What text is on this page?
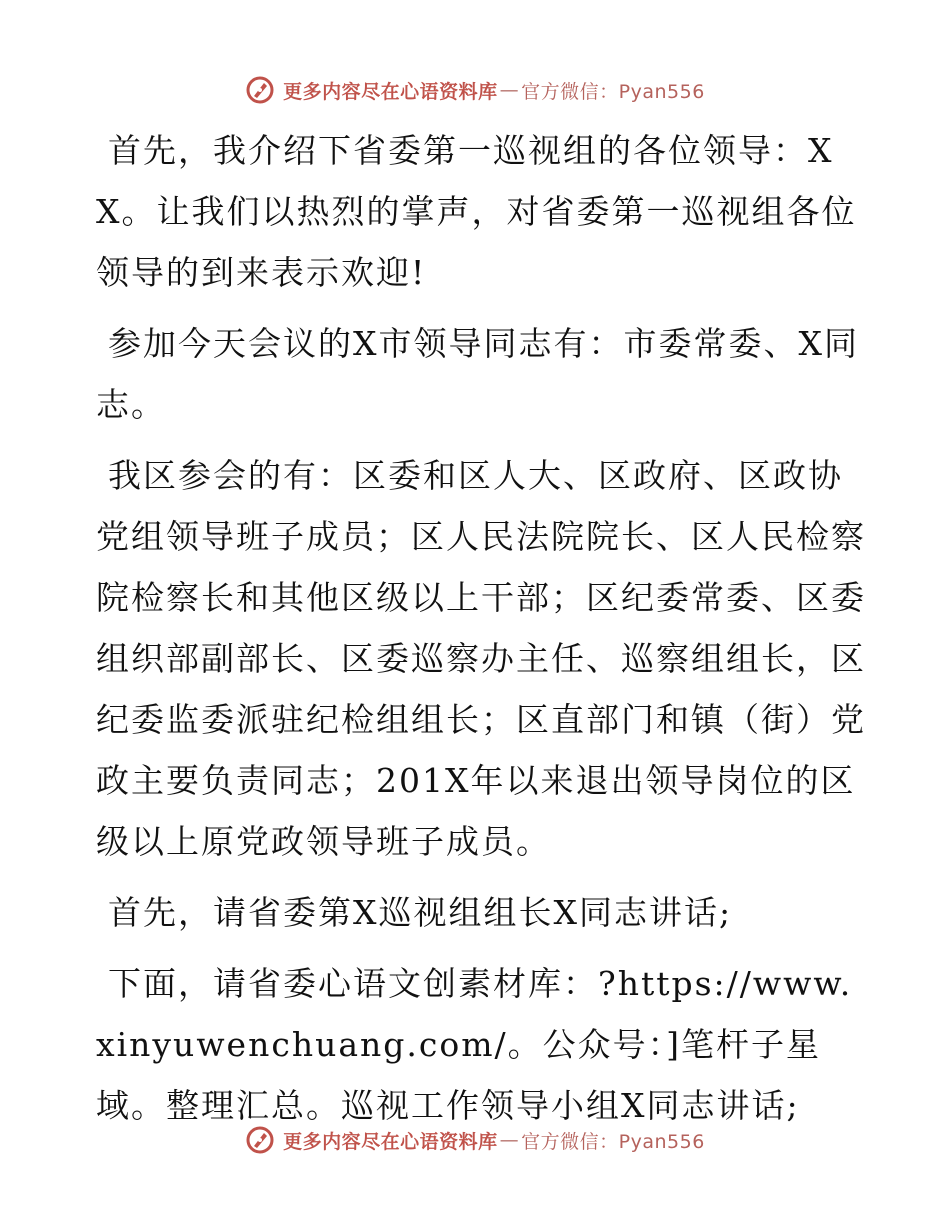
更多内容尽在心语资料库 — 官方微信：Pyan556

首先，我介绍下省委第一巡视组的各位领导：XX。让我们以热烈的掌声，对省委第一巡视组各位领导的到来表示欢迎!

参加今天会议的X市领导同志有：市委常委、X同志。

我区参会的有：区委和区人大、区政府、区政协党组领导班子成员；区人民法院院长、区人民检察院检察长和其他区级以上干部；区纪委常委、区委组织部副部长、区委巡察办主任、巡察组组长，区纪委监委派驻纪检组组长；区直部门和镇（街）党政主要负责同志；201X年以来退出领导岗位的区级以上原党政领导班子成员。

首先，请省委第X巡视组组长X同志讲话;

下面，请省委心语文创素材库：?https://www.xinyuwenchuang.com/。公众号：]笔杆子星域。整理汇总。巡视工作领导小组X同志讲话;

更多内容尽在心语资料库 — 官方微信：Pyan556
